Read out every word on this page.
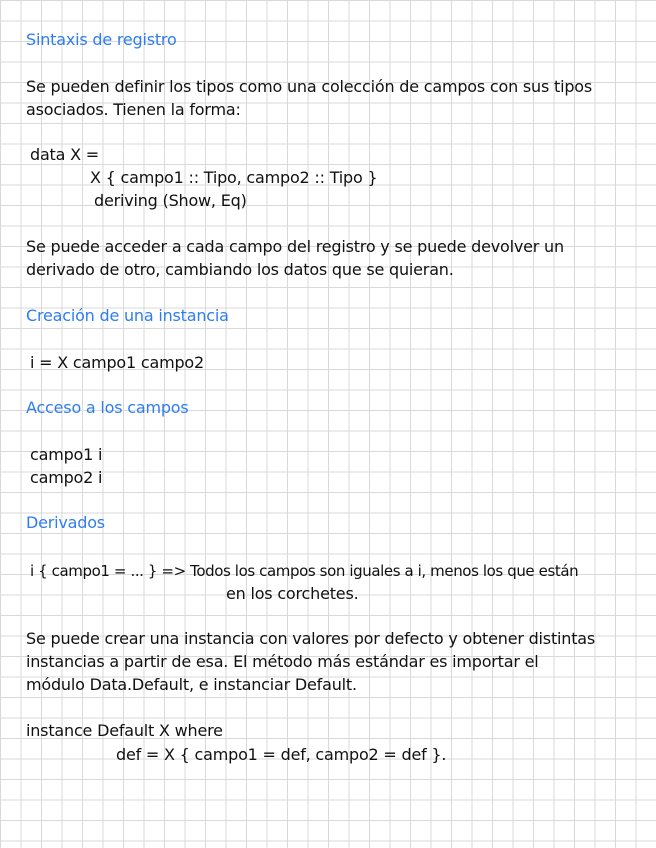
Sintaxis de registro
Se pueden definir los tipos como una colección de campos con sus tipos
asociados. Tienen la forma:
data X =
X { campo1 :: Tipo, campo2 :: Tipo }
deriving (Show, Eq)
Se puede acceder a cada campo del registro y se puede devolver un
derivado de otro, cambiando los datos que se quieran.
Creación de una instancia
i = X campo1 campo2
Acceso a los campos
campo1 i
campo2 i
Derivados
i { campo1 = ... } => Todos los campos son iguales a i, menos los que están
en los corchetes.
Se puede crear una instancia con valores por defecto y obtener distintas
instancias a partir de esa. El método más estándar es importar el
módulo Data.Default, e instanciar Default.
instance Default X where
def = X { campo1 = def, campo2 = def }.
